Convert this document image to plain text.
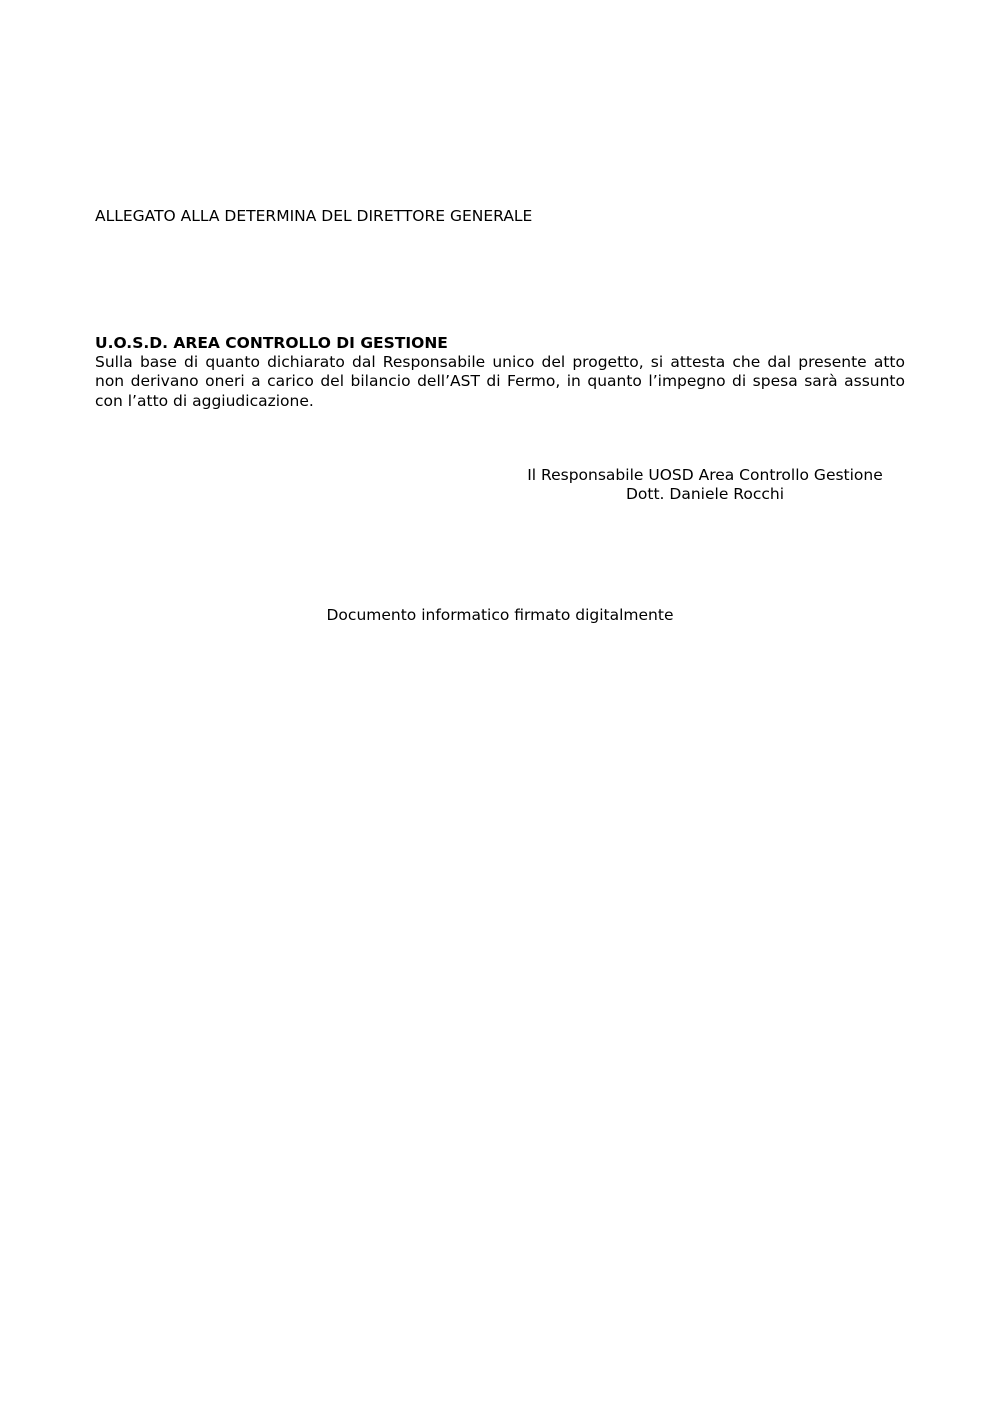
ALLEGATO ALLA DETERMINA DEL DIRETTORE GENERALE

U.O.S.D. AREA CONTROLLO DI GESTIONE

Sulla base di quanto dichiarato dal Responsabile unico del progetto, si attesta che dal presente atto non derivano oneri a carico del bilancio dell’AST di Fermo, in quanto l’impegno di spesa sarà assunto con l’atto di aggiudicazione.

Il Responsabile UOSD Area Controllo Gestione
Dott. Daniele Rocchi
Documento informatico firmato digitalmente
